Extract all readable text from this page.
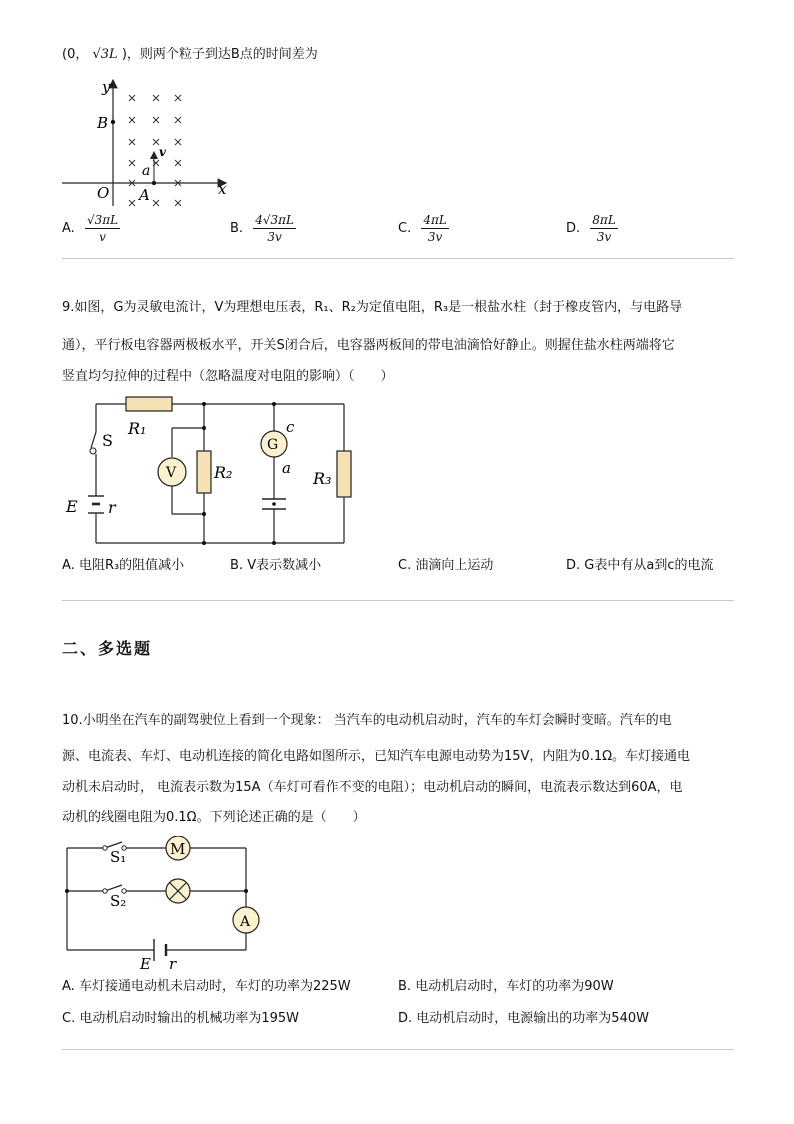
(0， √3L )，则两个粒子到达B点的时间差为
y
x
O
B
A
a
v
A. $\frac{√3\pi L}{v}$	B. $\frac{4√3\pi L}{3v}$	C. $\frac{4\pi L}{3v}$	D. $\frac{8\pi L}{3v}$
9.如图，G为灵敏电流计，V为理想电压表，R₁、R₂为定值电阻，R₃是一根盐水柱（封于橡皮管内，与电路导
通），平行板电容器两极板水平，开关S闭合后，电容器两板间的带电油滴恰好静止。则握住盐水柱两端将它
竖直均匀拉伸的过程中（忽略温度对电阻的影响）（　　）
R₁
S
E r
V R₂
G
c
a
R₃
A. 电阻R₃的阻值减小	B. V表示数减小	C. 油滴向上运动	D. G表中有从a到c的电流
二、多选题
10.小明坐在汽车的副驾驶位上看到一个现象： 当汽车的电动机启动时，汽车的车灯会瞬时变暗。汽车的电
源、电流表、车灯、电动机连接的简化电路如图所示，已知汽车电源电动势为15V，内阻为0.1Ω。车灯接通电
动机未启动时， 电流表示数为15A（车灯可看作不变的电阻）；电动机启动的瞬间，电流表示数达到60A，电
动机的线圈电阻为0.1Ω。下列论述正确的是（　　）
S₁
S₂
M
A
E r
A. 车灯接通电动机未启动时，车灯的功率为225W	B. 电动机启动时，车灯的功率为90W
C. 电动机启动时输出的机械功率为195W	D. 电动机启动时，电源输出的功率为540W
